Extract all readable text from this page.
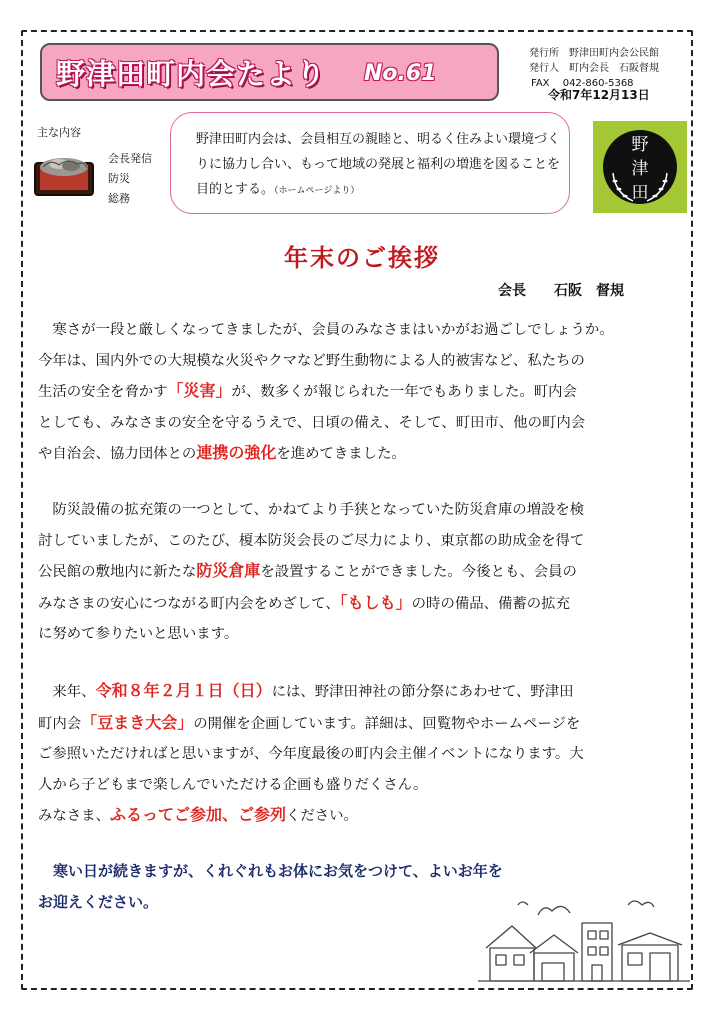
野津田町内会たより No.61
発行所　野津田町内会公民館
発行人　町内会長　石阪督規
FAX　 042-860-5368
令和7年12月13日
主な内容
会長発信
防災
総務
野津田町内会は、会員相互の親睦と、明るく住みよい環境づくりに協力し合い、もって地域の発展と福利の増進を図ることを目的とする。（ホームページより）
野
津
田
年末のご挨拶
会長　　石阪　督規
　寒さが一段と厳しくなってきましたが、会員のみなさまはいかがお過ごしでしょうか。
今年は、国内外での大規模な火災やクマなど野生動物による人的被害など、私たちの
生活の安全を脅かす「災害」が、数多くが報じられた一年でもありました。町内会
としても、みなさまの安全を守るうえで、日頃の備え、そして、町田市、他の町内会
や自治会、協力団体との連携の強化を進めてきました。
　防災設備の拡充策の一つとして、かねてより手狭となっていた防災倉庫の増設を検
討していましたが、このたび、榎本防災会長のご尽力により、東京都の助成金を得て
公民館の敷地内に新たな防災倉庫を設置することができました。今後とも、会員の
みなさまの安心につながる町内会をめざして、「もしも」の時の備品、備蓄の拡充
に努めて参りたいと思います。
　来年、令和８年２月１日（日）には、野津田神社の節分祭にあわせて、野津田
町内会「豆まき大会」の開催を企画しています。詳細は、回覧物やホームページを
ご参照いただければと思いますが、今年度最後の町内会主催イベントになります。大
人から子どもまで楽しんでいただける企画も盛りだくさん。
みなさま、ふるってご参加、ご参列ください。
　寒い日が続きますが、くれぐれもお体にお気をつけて、よいお年を
お迎えください。
